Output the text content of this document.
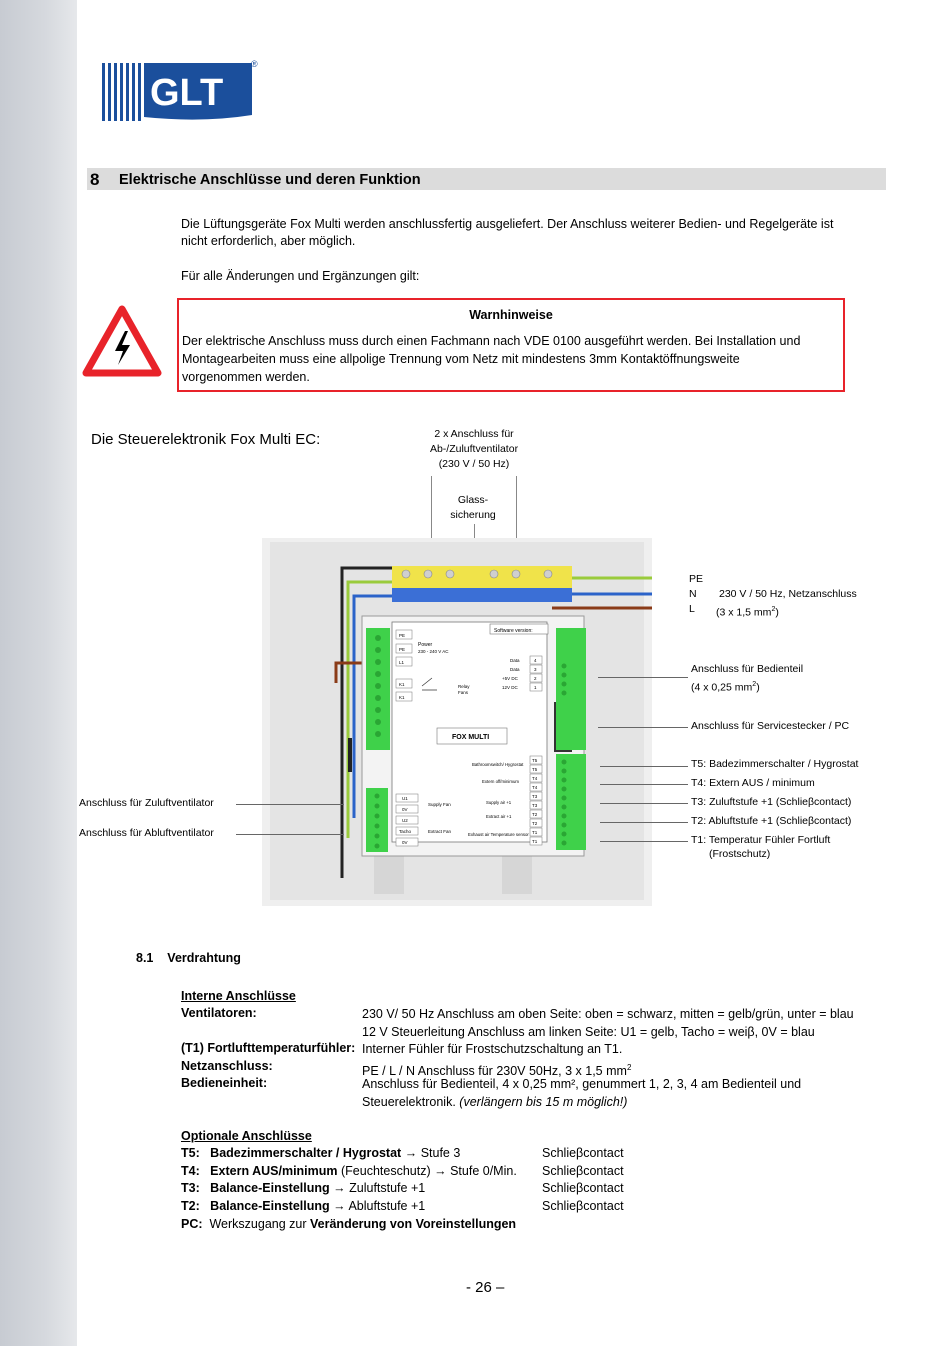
GLT
®
8 Elektrische Anschlüsse und deren Funktion
Die Lüftungsgeräte Fox Multi werden anschlussfertig ausgeliefert. Der Anschluss weiterer Bedien- und Regelgeräte ist
nicht erforderlich, aber möglich.
Für alle Änderungen und Ergänzungen gilt:
Warnhinweise
Der elektrische Anschluss muss durch einen Fachmann nach VDE 0100 ausgeführt werden. Bei Installation und
Montagearbeiten muss eine allpolige Trennung vom Netz mit mindestens 3mm Kontaktöffnungsweite
vorgenommen werden.
Die Steuerelektronik Fox Multi EC:	2 x Anschluss für
Ab-/Zuluftventilator
(230 V / 50 Hz)
Glass-
sicherung
Software version:
FOX MULTI
Power
230 - 240 V AC
Relay
Fans
PE
PE
L1
K1
K1
Data
Data
+5V DC
12V DC
4
3
2
1
U1
0V
U2
Tacho
0V
Supply Fan
Extract Fan
Bathroomswitch/ Hygrostat
Extern off/minimum
Supply air +1
Extract air +1
Exhaust air Temperature sensor
T5
T5
T4
T4
T3
T3
T2
T2
T1
T1
PE
N 230 V / 50 Hz, Netzanschluss
L (3 x 1,5 $mm^2$)
Anschluss für Bedienteil
(4 x 0,25 $mm^2$)
Anschluss für Servicestecker / PC
T5: Badezimmerschalter / Hygrostat
T4: Extern AUS / minimum
T3: Zuluftstufe +1 (Schlieβcontact)
T2: Abluftstufe +1 (Schlieβcontact)
T1: Temperatur Fühler Fortluft
(Frostschutz)
Anschluss für Zuluftventilator
Anschluss für Abluftventilator
8.1 Verdrahtung
Interne Anschlüsse
Ventilatoren:	230 V/ 50 Hz Anschluss am oben Seite: oben = schwarz, mitten = gelb/grün, unter = blau
12 V Steuerleitung Anschluss am linken Seite: U1 = gelb, Tacho = weiβ, 0V = blau
(T1) Fortlufttemperaturfühler: Interner Fühler für Frostschutzschaltung an T1.
Netzanschluss:	PE / L / N Anschluss für 230V 50Hz, 3 x 1,5 $mm^2$
Bedieneinheit:	Anschluss für Bedienteil, 4 x 0,25 mm², genummert 1, 2, 3, 4 am Bedienteil und
Steuerelektronik. (verlängern bis 15 m möglich!)
Optionale Anschlüsse
T5: Badezimmerschalter / Hygrostat → Stufe 3	Schlieβcontact
T4: Extern AUS/minimum (Feuchteschutz) → Stufe 0/Min. Schlieβcontact
T3: Balance-Einstellung → Zuluftstufe +1	Schlieβcontact
T2: Balance-Einstellung → Abluftstufe +1	Schlieβcontact
PC: Werkszugang zur Veränderung von Voreinstellungen
- 26 –
